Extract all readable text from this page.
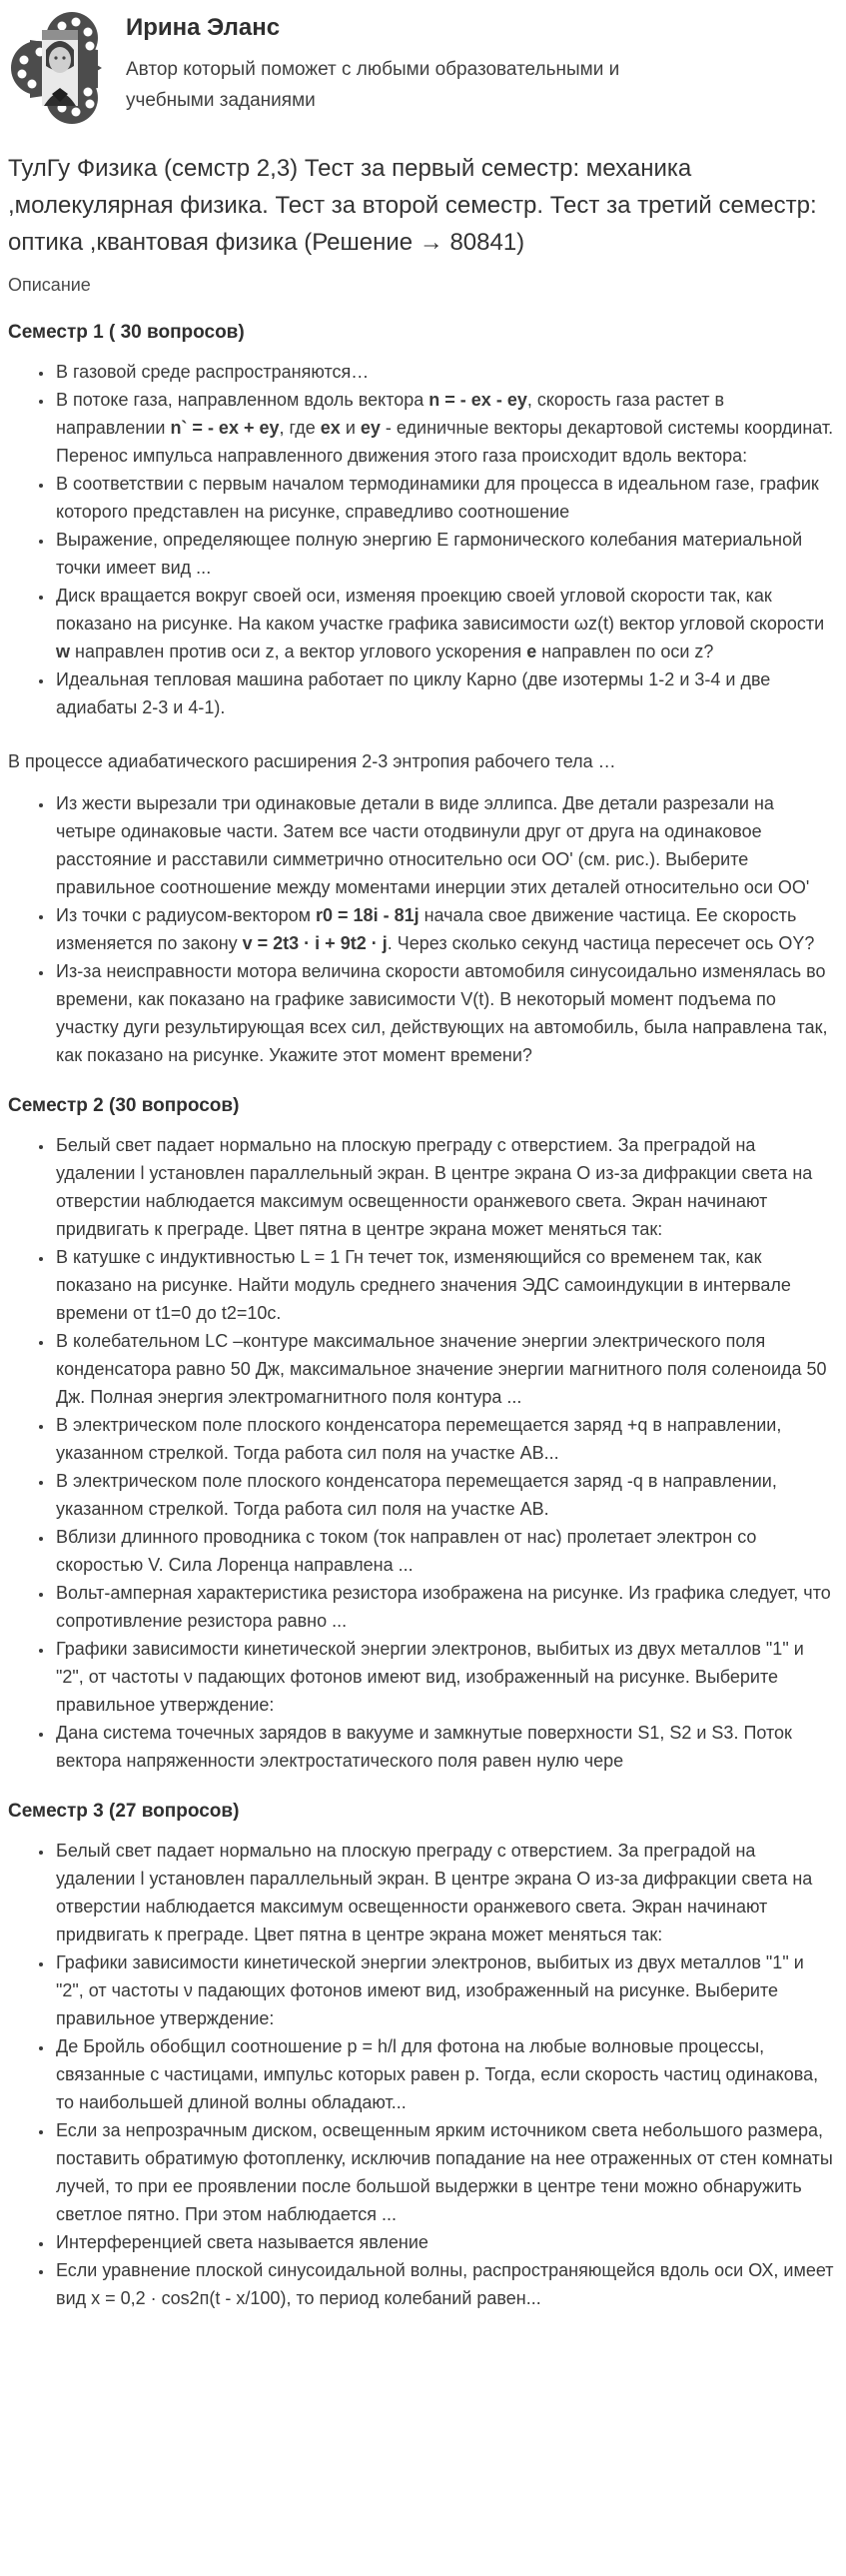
Ирина Эланс
Автор который поможет с любыми образовательными и учебными заданиями
ТулГу Физика (семстр 2,3) Тест за первый семестр: механика ,молекулярная физика. Тест за второй семестр. Тест за третий семестр: оптика ,квантовая физика (Решение → 80841)
Описание
Семестр 1 ( 30 вопросов)
• В газовой среде распространяются…
• В потоке газа, направленном вдоль вектора n = - ex - ey, скорость газа растет в направлении n` = - ex + ey, где ex и ey - единичные векторы декартовой системы координат. Перенос импульса направленного движения этого газа происходит вдоль вектора:
• В соответствии с первым началом термодинамики для процесса в идеальном газе, график которого представлен на рисунке, справедливо соотношение
• Выражение, определяющее полную энергию Е гармонического колебания материальной точки имеет вид ...
• Диск вращается вокруг своей оси, изменяя проекцию своей угловой скорости так, как показано на рисунке. На каком участке графика зависимости ωz(t) вектор угловой скорости w направлен против оси z, а вектор углового ускорения e направлен по оси z?
• Идеальная тепловая машина работает по циклу Карно (две изотермы 1-2 и 3-4 и две адиабаты 2-3 и 4-1).

В процессе адиабатического расширения 2-3 энтропия рабочего тела …

• Из жести вырезали три одинаковые детали в виде эллипса. Две детали разрезали на четыре одинаковые части. Затем все части отодвинули друг от друга на одинаковое расстояние и расставили симметрично относительно оси ОО' (см. рис.). Выберите правильное соотношение между моментами инерции этих деталей относительно оси ОО'
• Из точки с радиусом-вектором r0 = 18i - 81j начала свое движение частица. Ее скорость изменяется по закону v = 2t3 · i + 9t2 · j. Через сколько секунд частица пересечет ось OY?
• Из-за неисправности мотора величина скорости автомобиля синусоидально изменялась во времени, как показано на графике зависимости V(t). В некоторый момент подъема по участку дуги результирующая всех сил, действующих на автомобиль, была направлена так, как показано на рисунке. Укажите этот момент времени?
Семестр 2 (30 вопросов)
• Белый свет падает нормально на плоскую преграду с отверстием. За преградой на удалении l установлен параллельный экран. В центре экрана О из-за дифракции света на отверстии наблюдается максимум освещенности оранжевого света. Экран начинают придвигать к преграде. Цвет пятна в центре экрана может меняться так:
• В катушке с индуктивностью L = 1 Гн течет ток, изменяющийся со временем так, как показано на рисунке. Найти модуль среднего значения ЭДС самоиндукции в интервале времени от t1=0 до t2=10c.
• В колебательном LC –контуре максимальное значение энергии электрического поля конденсатора равно 50 Дж, максимальное значение энергии магнитного поля соленоида 50 Дж. Полная энергия электромагнитного поля контура ...
• В электрическом поле плоского конденсатора перемещается заряд +q в направлении, указанном стрелкой. Тогда работа сил поля на участке АВ...
• В электрическом поле плоского конденсатора перемещается заряд -q в направлении, указанном стрелкой. Тогда работа сил поля на участке АВ.
• Вблизи длинного проводника с током (ток направлен от нас) пролетает электрон со скоростью V. Сила Лоренца направлена ...
• Вольт-амперная характеристика резистора изображена на рисунке. Из графика следует, что сопротивление резистора равно ...
• Графики зависимости кинетической энергии электронов, выбитых из двух металлов "1" и "2", от частоты ν падающих фотонов имеют вид, изображенный на рисунке. Выберите правильное утверждение:
• Дана система точечных зарядов в вакууме и замкнутые поверхности S1, S2 и S3. Поток вектора напряженности электростатического поля равен нулю чере
Семестр 3 (27 вопросов)
• Белый свет падает нормально на плоскую преграду с отверстием. За преградой на удалении l установлен параллельный экран. В центре экрана О из-за дифракции света на отверстии наблюдается максимум освещенности оранжевого света. Экран начинают придвигать к преграде. Цвет пятна в центре экрана может меняться так:
• Графики зависимости кинетической энергии электронов, выбитых из двух металлов "1" и "2", от частоты ν падающих фотонов имеют вид, изображенный на рисунке. Выберите правильное утверждение:
• Де Бройль обобщил соотношение p = h/l для фотона на любые волновые процессы, связанные с частицами, импульс которых равен p. Тогда, если скорость частиц одинакова, то наибольшей длиной волны обладают...
• Если за непрозрачным диском, освещенным ярким источником света небольшого размера, поставить обратимую фотопленку, исключив попадание на нее отраженных от стен комнаты лучей, то при ее проявлении после большой выдержки в центре тени можно обнаружить светлое пятно. При этом наблюдается ...
• Интерференцией света называется явление
• Если уравнение плоской синусоидальной волны, распространяющейся вдоль оси ОХ, имеет вид x = 0,2 · cos2п(t - x/100), то период колебаний равен...
